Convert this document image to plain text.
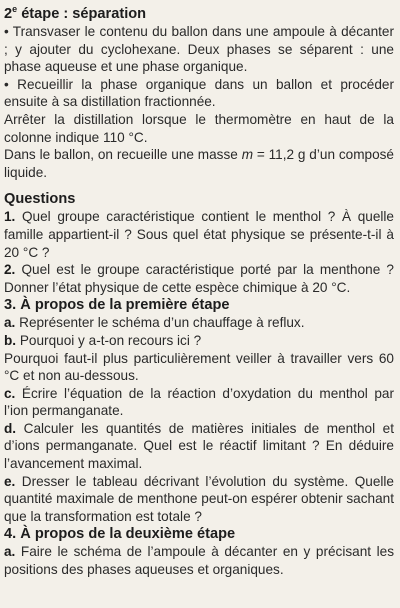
2e étape : séparation

• Transvaser le contenu du ballon dans une ampoule à décanter ; y ajouter du cyclohexane. Deux phases se séparent : une phase aqueuse et une phase organique.

• Recueillir la phase organique dans un ballon et procéder ensuite à sa distillation fractionnée.

Arrêter la distillation lorsque le thermomètre en haut de la colonne indique 110 °C.

Dans le ballon, on recueille une masse m = 11,2 g d’un composé liquide.

Questions

1. Quel groupe caractéristique contient le menthol ? À quelle famille appartient-il ? Sous quel état physique se présente-t-il à 20 °C ?

2. Quel est le groupe caractéristique porté par la menthone ? Donner l’état physique de cette espèce chimique à 20 °C.

3. À propos de la première étape

a. Représenter le schéma d’un chauffage à reflux.

b. Pourquoi y a-t-on recours ici ?

Pourquoi faut-il plus particulièrement veiller à travailler vers 60 °C et non au-dessous.

c. Écrire l’équation de la réaction d’oxydation du menthol par l’ion permanganate.

d. Calculer les quantités de matières initiales de menthol et d’ions permanganate. Quel est le réactif limitant ? En déduire l’avancement maximal.

e. Dresser le tableau décrivant l’évolution du système. Quelle quantité maximale de menthone peut-on espérer obtenir sachant que la transformation est totale ?

4. À propos de la deuxième étape

a. Faire le schéma de l’ampoule à décanter en y précisant les positions des phases aqueuses et organiques.
